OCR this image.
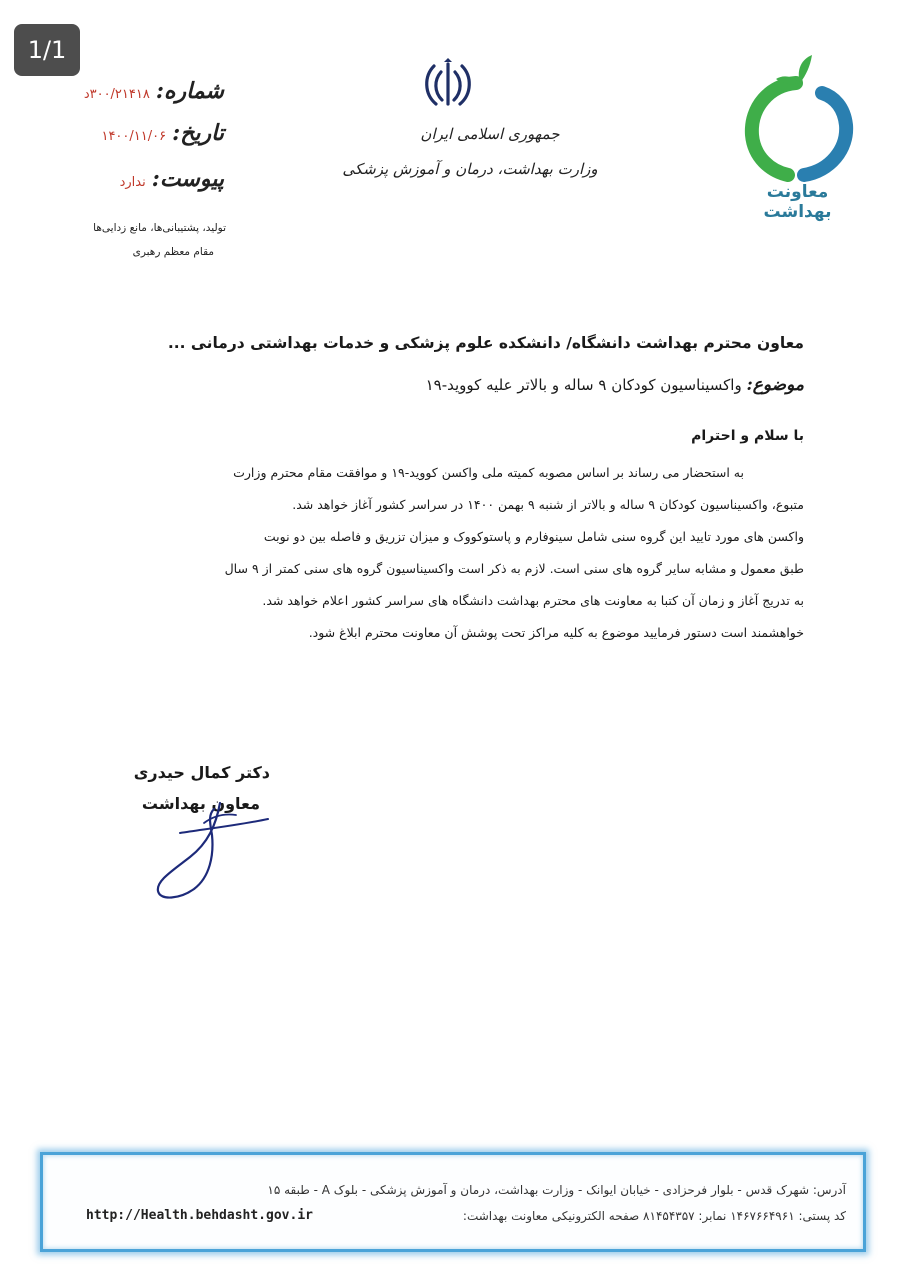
1/1
شماره:
۳۰۰/۲۱۴۱۸د
تاریخ:
۱۴۰۰/۱۱/۰۶
پیوست:
ندارد
تولید، پشتیبانی‌ها، مانع زدایی‌ها
مقام معظم رهبری
جمهوری اسلامی ایران
وزارت بهداشت، درمان و آموزش پزشکی
معاونت بهداشت
معاون محترم بهداشت دانشگاه/ دانشکده علوم پزشکی و خدمات بهداشتی درمانی ...
موضوع: واکسیناسیون کودکان ۹ ساله و بالاتر علیه کووید-۱۹
با سلام و احترام
به استحضار می رساند بر اساس مصوبه کمیته ملی واکسن کووید-۱۹ و موافقت مقام محترم وزارت
متبوع، واکسیناسیون کودکان ۹ ساله و بالاتر از شنبه ۹ بهمن ۱۴۰۰ در سراسر کشور آغاز خواهد شد.
واکسن های مورد تایید این گروه سنی شامل سینوفارم و پاستوکووک و میزان تزریق و فاصله بین دو نوبت
طبق معمول و مشابه سایر گروه های سنی است. لازم به ذکر است واکسیناسیون گروه های سنی کمتر از ۹ سال
به تدریج آغاز و زمان آن کتبا به معاونت های محترم بهداشت دانشگاه های سراسر کشور اعلام خواهد شد.
خواهشمند است دستور فرمایید موضوع به کلیه مراکز تحت پوشش آن معاونت محترم ابلاغ شود.
دکتر کمال حیدری
معاون بهداشت
آدرس: شهرک قدس - بلوار فرحزادی - خیابان ایوانک - وزارت بهداشت، درمان و آموزش پزشکی - بلوک A - طبقه ۱۵
کد پستی: ۱۴۶۷۶۶۴۹۶۱ نمابر: ۸۱۴۵۴۳۵۷ صفحه الکترونیکی معاونت بهداشت:
http://Health.behdasht.gov.ir
